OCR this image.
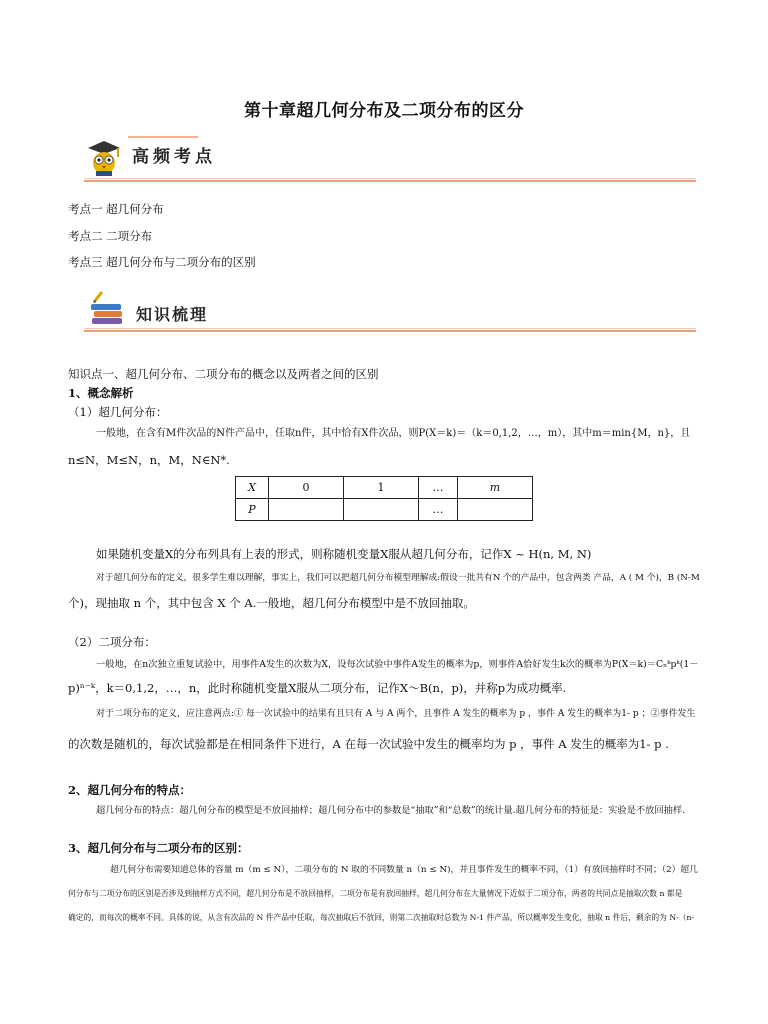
第十章超几何分布及二项分布的区分
高频考点
考点一 超几何分布
考点二 二项分布
考点三 超几何分布与二项分布的区别
知识梳理
知识点一、超几何分布、二项分布的概念以及两者之间的区别
1、概念解析
（1）超几何分布：
一般地，在含有M件次品的N件产品中，任取n件，其中恰有X件次品，则P(X＝k)＝（k＝0,1,2，…，m），其中m＝min{M，n}，且
n≤N，M≤N，n，M，N∈N*.
X	0	1	…	m
P			…	
如果随机变量X的分布列具有上表的形式，则称随机变量X服从超几何分布，记作X ~ H(n, M, N)
对于超几何分布的定义，很多学生难以理解，事实上，我们可以把超几何分布模型理解成:假设一批共有N 个的产品中，包含两类 产品，A ( M 个)，B (N-M
个)，现抽取 n 个，其中包含 X 个 A.一般地，超几何分布模型中是不放回抽取。
（2）二项分布：
一般地，在n次独立重复试验中，用事件A发生的次数为X，设每次试验中事件A发生的概率为p，则事件A恰好发生k次的概率为P(X＝k)＝Cₙᵏpᵏ(1－
p)ⁿ⁻ᵏ，k＝0,1,2，…，n，此时称随机变量X服从二项分布，记作X～B(n，p)，并称p为成功概率.
对于二项分布的定义，应注意两点:① 每一次试验中的结果有且只有 A 与 A 两个，且事件 A 发生的概率为 p ，事件 A 发生的概率为1- p ；②事件发生
的次数是随机的，每次试验都是在相同条件下进行，A 在每一次试验中发生的概率均为 p ，事件 A 发生的概率为1- p .
2、超几何分布的特点：
超几何分布的特点：超几何分布的模型是不放回抽样；超几何分布中的参数是“抽取”和“总数”的统计量.超几何分布的特征是：实验是不放回抽样.
3、超几何分布与二项分布的区别：
超几何分布需要知道总体的容量 m（m ≤ N），二项分布的 N 取的不同数量 n（n ≤ N)，并且事件发生的概率不同，（1）有放回抽样时不同；（2）超几
何分布与二项分布的区别是否涉及到抽样方式不同，超几何分布是不放回抽样，二项分布是有放回抽样，超几何分布在大量情况下近似于二项分布，两者的共同点是抽取次数 n 都是
确定的，而每次的概率不同。具体的说，从含有次品的 N 件产品中任取，每次抽取后不放回，则第二次抽取时总数为 N-1 件产品，所以概率发生变化，抽取 n 件后，剩余的为 N-（n-
